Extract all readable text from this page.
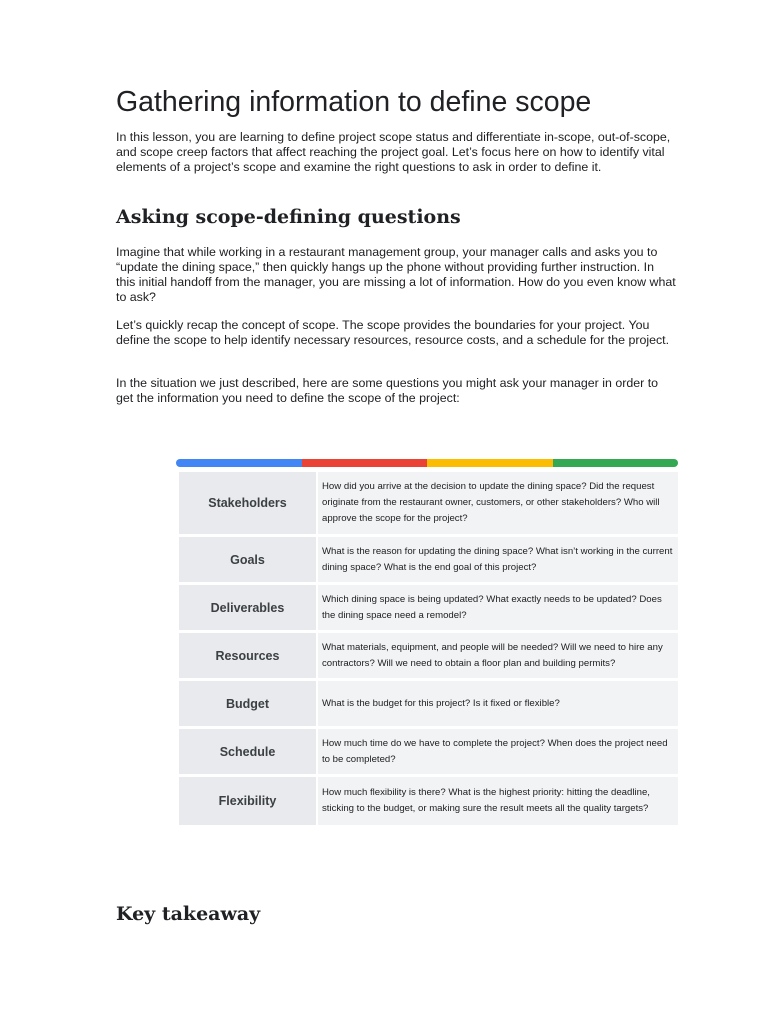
Gathering information to define scope

In this lesson, you are learning to define project scope status and differentiate in-scope, out-of-scope, and scope creep factors that affect reaching the project goal. Let’s focus here on how to identify vital elements of a project’s scope and examine the right questions to ask in order to define it.

Asking scope-defining questions

Imagine that while working in a restaurant management group, your manager calls and asks you to “update the dining space,” then quickly hangs up the phone without providing further instruction. In this initial handoff from the manager, you are missing a lot of information. How do you even know what to ask?

Let’s quickly recap the concept of scope. The scope provides the boundaries for your project. You define the scope to help identify necessary resources, resource costs, and a schedule for the project.

In the situation we just described, here are some questions you might ask your manager in order to get the information you need to define the scope of the project:

Stakeholders
How did you arrive at the decision to update the dining space? Did the request originate from the restaurant owner, customers, or other stakeholders? Who will approve the scope for the project?
Goals
What is the reason for updating the dining space? What isn’t working in the current dining space? What is the end goal of this project?
Deliverables
Which dining space is being updated? What exactly needs to be updated? Does the dining space need a remodel?
Resources
What materials, equipment, and people will be needed? Will we need to hire any contractors? Will we need to obtain a floor plan and building permits?
Budget	What is the budget for this project? Is it fixed or flexible?
Schedule
How much time do we have to complete the project? When does the project need to be completed?
Flexibility
How much flexibility is there? What is the highest priority: hitting the deadline, sticking to the budget, or making sure the result meets all the quality targets?
Key takeaway
